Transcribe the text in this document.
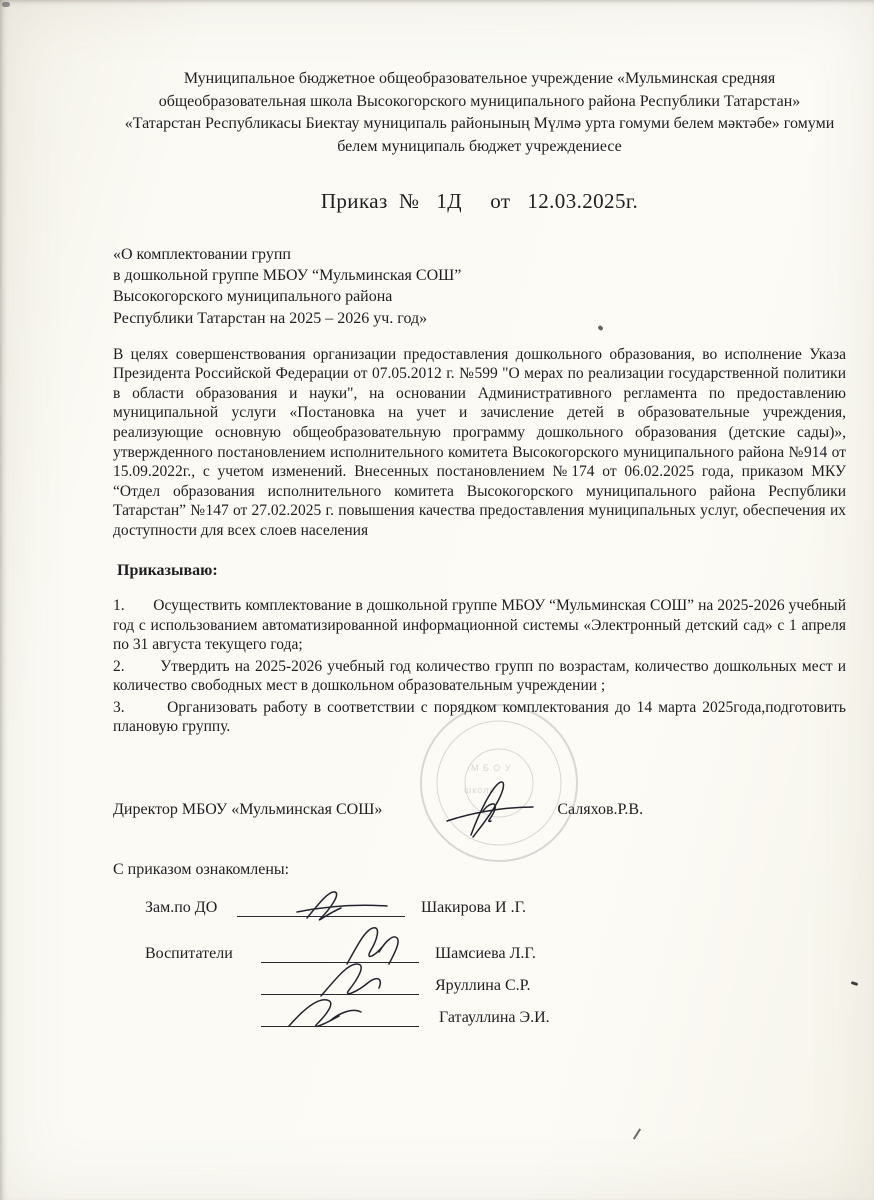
Муниципальное бюджетное общеобразовательное учреждение «Мульминская средняя общеобразовательная школа Высокогорского муниципального района Республики Татарстан»

«Татарстан Республикасы Биектау муниципаль районының Мүлмә урта гомуми белем мәктәбе» гомуми белем муниципаль бюджет учреждениесе

Приказ  №   1Д     от   12.03.2025г.

«О комплектовании групп

в дошкольной группе МБОУ “Мульминская СОШ”

Высокогорского муниципального района

Республики Татарстан на 2025 – 2026 уч. год»

В целях совершенствования организации предоставления дошкольного образования, во исполнение Указа Президента Российской Федерации от 07.05.2012 г. №599 "О мерах по реализации государственной политики в области образования и науки", на основании Административного регламента по предоставлению муниципальной услуги «Постановка на учет и зачисление детей в образовательные учреждения, реализующие основную общеобразовательную программу дошкольного образования (детские сады)», утвержденного постановлением исполнительного комитета Высокогорского муниципального района №914 от 15.09.2022г., с учетом изменений. Внесенных постановлением №174 от 06.02.2025 года, приказом МКУ “Отдел образования исполнительного комитета Высокогорского муниципального района Республики Татарстан” №147 от 27.02.2025 г. повышения качества предоставления муниципальных услуг, обеспечения их доступности для всех слоев населения

Приказываю:

1.       Осуществить комплектование в дошкольной группе МБОУ “Мульминская СОШ” на 2025-2026 учебный год с использованием автоматизированной информационной системы «Электронный детский сад» с 1 апреля по 31 августа текущего года;

2.       Утвердить на 2025-2026 учебный год количество групп по возрастам, количество дошкольных мест и количество свободных мест в дошкольном образовательным учреждении ;

3.       Организовать работу в соответствии с порядком комплектования до 14 марта 2025года,подготовить плановую группу.

М Б О У
школа
Директор МБОУ «Мульминская СОШ»	Саляхов.Р.В.

С приказом ознакомлены:

Зам.по ДО	Шакирова И .Г.
Воспитатели	Шамсиева Л.Г.
Яруллина С.Р.
Гатауллина Э.И.
